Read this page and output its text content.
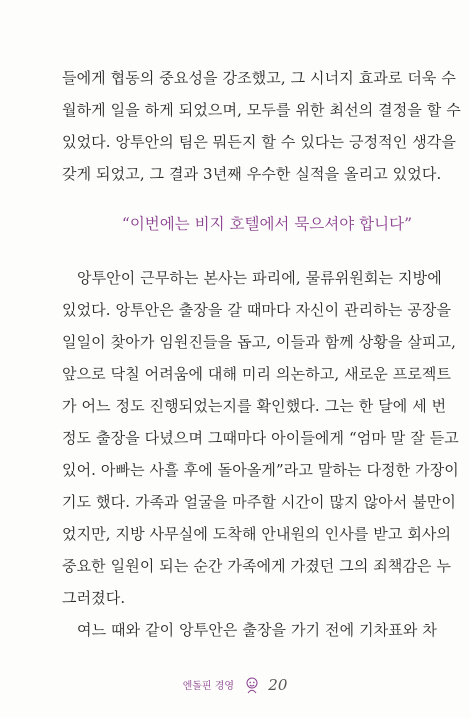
들에게 협동의 중요성을 강조했고, 그 시너지 효과로 더욱 수
월하게 일을 하게 되었으며, 모두를 위한 최선의 결정을 할 수
있었다. 앙투안의 팀은 뭐든지 할 수 있다는 긍정적인 생각을
갖게 되었고, 그 결과 3년째 우수한 실적을 올리고 있었다.
“이번에는 비지 호텔에서 묵으셔야 합니다”
앙투안이 근무하는 본사는 파리에, 물류위원회는 지방에
있었다. 앙투안은 출장을 갈 때마다 자신이 관리하는 공장을
일일이 찾아가 임원진들을 돕고, 이들과 함께 상황을 살피고,
앞으로 닥칠 어려움에 대해 미리 의논하고, 새로운 프로젝트
가 어느 정도 진행되었는지를 확인했다. 그는 한 달에 세 번
정도 출장을 다녔으며 그때마다 아이들에게 “엄마 말 잘 듣고
있어. 아빠는 사흘 후에 돌아올게”라고 말하는 다정한 가장이
기도 했다. 가족과 얼굴을 마주할 시간이 많지 않아서 불만이
었지만, 지방 사무실에 도착해 안내원의 인사를 받고 회사의
중요한 일원이 되는 순간 가족에게 가졌던 그의 죄책감은 누
그러졌다.
여느 때와 같이 앙투안은 출장을 가기 전에 기차표와 차
엔돌핀 경영 20
